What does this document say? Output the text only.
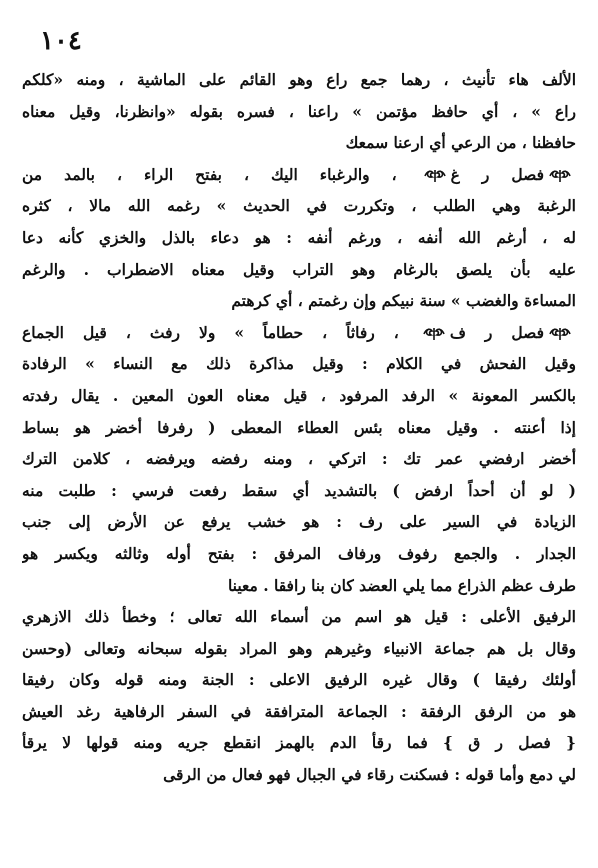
١٠٤
الألف هاء تأنيث ، رهما جمع راع وهو القائم على الماشية ، ومنه «كلكم
راع » ، أي حافظ مؤتمن » راعنا ، فسره بقوله «وانظرنا، وقيل معناه
حافظنا ، من الرعي أي ارعنا سمعك
فصل ر غ ، والرغباء اليك ، بفتح الراء ، بالمد من
الرغبة وهي الطلب ، وتكررت في الحديث » رغمه الله مالا ، كثره
له ، أرغم الله أنفه ، ورغم أنفه : هو دعاء بالذل والخزي كأنه دعا
عليه بأن يلصق بالرغام وهو التراب وقيل معناه الاضطراب . والرغم
المساءة والغضب » سنة نبيكم وإن رغمتم ، أي كرهتم
فصل ر ف ، رفاثاً ، حطاماً » ولا رفث ، قيل الجماع
وقيل الفحش في الكلام : وقيل مذاكرة ذلك مع النساء » الرفادة
بالكسر المعونة » الرفد المرفود ، قيل معناه العون المعين . يقال رفدته
إذا أعنته . وقيل معناه بئس العطاء المعطى ( رفرفا أخضر هو بساط
أخضر ارفضي عمر تك : اتركي ، ومنه رفضه ويرفضه ، كلامن الترك
( لو أن أحداً ارفض ) بالتشديد أي سقط رفعت فرسي : طلبت منه
الزيادة في السير على رف : هو خشب يرفع عن الأرض إلى جنب
الجدار . والجمع رفوف ورفاف المرفق : بفتح أوله وثالثه ويكسر هو
طرف عظم الذراع مما يلي العضد كان بنا رافقا . معينا
الرفيق الأعلى : قيل هو اسم من أسماء الله تعالى ؛ وخطأ ذلك الازهري
وقال بل هم جماعة الانبياء وغيرهم وهو المراد بقوله سبحانه وتعالى (وحسن
أولئك رفيقا ) وقال غيره الرفيق الاعلى : الجنة ومنه قوله وكان رفيقا
هو من الرفق الرفقة : الجماعة المترافقة في السفر الرفاهية رغد العيش
{ فصل ر ق } فما رقأ الدم بالهمز انقطع جريه ومنه قولها لا يرقأ
لي دمع وأما قوله : فسكنت رقاء في الجبال فهو فعال من الرقى
